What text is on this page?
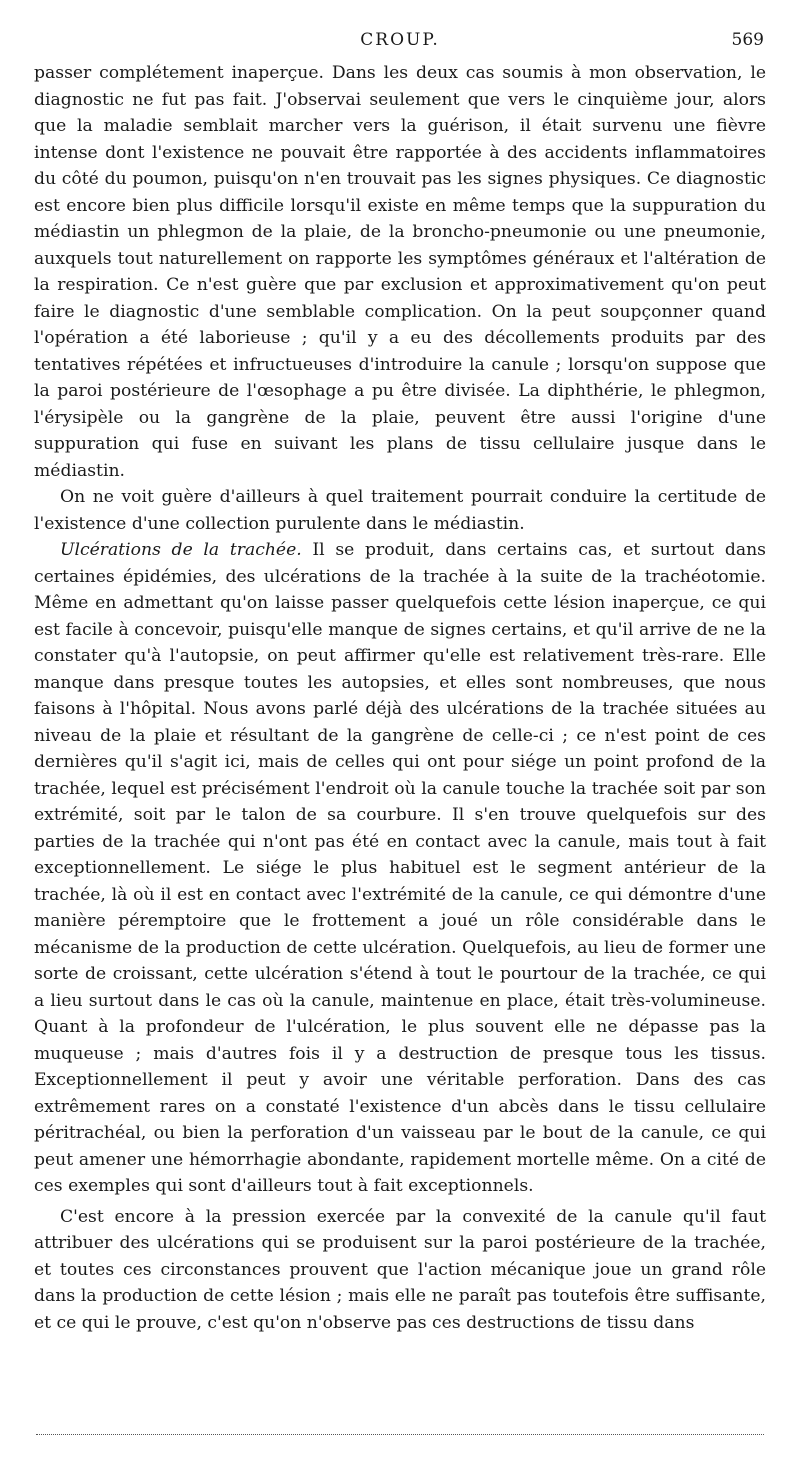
CROUP.	569

passer complétement inaperçue. Dans les deux cas soumis à mon observation, le diagnostic ne fut pas fait. J'observai seulement que vers le cinquième jour, alors que la maladie semblait marcher vers la guérison, il était survenu une fièvre intense dont l'existence ne pouvait être rapportée à des accidents inflammatoires du côté du poumon, puisqu'on n'en trouvait pas les signes physiques. Ce diagnostic est encore bien plus difficile lorsqu'il existe en même temps que la suppuration du médiastin un phlegmon de la plaie, de la broncho-pneumonie ou une pneumonie, auxquels tout naturellement on rapporte les symptômes généraux et l'altération de la respiration. Ce n'est guère que par exclusion et approximativement qu'on peut faire le diagnostic d'une semblable complication. On la peut soupçonner quand l'opération a été laborieuse ; qu'il y a eu des décollements produits par des tentatives répétées et infructueuses d'introduire la canule ; lorsqu'on suppose que la paroi postérieure de l'œsophage a pu être divisée. La diphthérie, le phlegmon, l'érysipèle ou la gangrène de la plaie, peuvent être aussi l'origine d'une suppuration qui fuse en suivant les plans de tissu cellulaire jusque dans le médiastin.

On ne voit guère d'ailleurs à quel traitement pourrait conduire la certitude de l'existence d'une collection purulente dans le médiastin.

Ulcérations de la trachée. Il se produit, dans certains cas, et surtout dans certaines épidémies, des ulcérations de la trachée à la suite de la trachéotomie. Même en admettant qu'on laisse passer quelquefois cette lésion inaperçue, ce qui est facile à concevoir, puisqu'elle manque de signes certains, et qu'il arrive de ne la constater qu'à l'autopsie, on peut affirmer qu'elle est relativement très-rare. Elle manque dans presque toutes les autopsies, et elles sont nombreuses, que nous faisons à l'hôpital. Nous avons parlé déjà des ulcérations de la trachée situées au niveau de la plaie et résultant de la gangrène de celle-ci ; ce n'est point de ces dernières qu'il s'agit ici, mais de celles qui ont pour siége un point profond de la trachée, lequel est précisément l'endroit où la canule touche la trachée soit par son extrémité, soit par le talon de sa courbure. Il s'en trouve quelquefois sur des parties de la trachée qui n'ont pas été en contact avec la canule, mais tout à fait exceptionnellement. Le siége le plus habituel est le segment antérieur de la trachée, là où il est en contact avec l'extrémité de la canule, ce qui démontre d'une manière péremptoire que le frottement a joué un rôle considérable dans le mécanisme de la production de cette ulcération. Quelquefois, au lieu de former une sorte de croissant, cette ulcération s'étend à tout le pourtour de la trachée, ce qui a lieu surtout dans le cas où la canule, maintenue en place, était très-volumineuse. Quant à la profondeur de l'ulcération, le plus souvent elle ne dépasse pas la muqueuse ; mais d'autres fois il y a destruction de presque tous les tissus. Exceptionnellement il peut y avoir une véritable perforation. Dans des cas extrêmement rares on a constaté l'existence d'un abcès dans le tissu cellulaire péritrachéal, ou bien la perforation d'un vaisseau par le bout de la canule, ce qui peut amener une hémorrhagie abondante, rapidement mortelle même. On a cité de ces exemples qui sont d'ailleurs tout à fait exceptionnels.

C'est encore à la pression exercée par la convexité de la canule qu'il faut attribuer des ulcérations qui se produisent sur la paroi postérieure de la trachée, et toutes ces circonstances prouvent que l'action mécanique joue un grand rôle dans la production de cette lésion ; mais elle ne paraît pas toutefois être suffisante, et ce qui le prouve, c'est qu'on n'observe pas ces destructions de tissu dans
